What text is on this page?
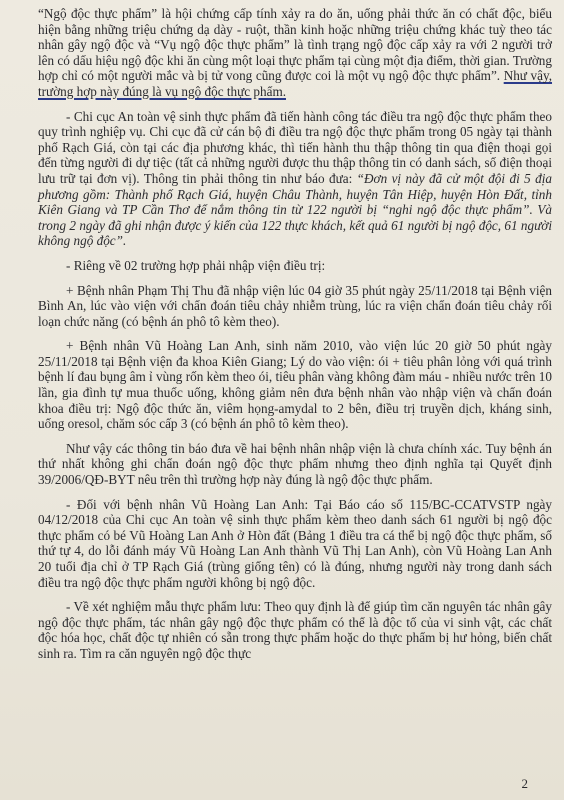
“Ngộ độc thực phẩm” là hội chứng cấp tính xảy ra do ăn, uống phải thức ăn có chất độc, biểu hiện bằng những triệu chứng dạ dày - ruột, thần kinh hoặc những triệu chứng khác tuỳ theo tác nhân gây ngộ độc và “Vụ ngộ độc thực phẩm” là tình trạng ngộ độc cấp xảy ra với 2 người trở lên có dấu hiệu ngộ độc khi ăn cùng một loại thực phẩm tại cùng một địa điểm, thời gian. Trường hợp chỉ có một người mắc và bị tử vong cũng được coi là một vụ ngộ độc thực phẩm”. Như vậy, trường hợp này đúng là vụ ngộ độc thực phẩm.

- Chi cục An toàn vệ sinh thực phẩm đã tiến hành công tác điều tra ngộ độc thực phẩm theo quy trình nghiệp vụ. Chi cục đã cử cán bộ đi điều tra ngộ độc thực phẩm trong 05 ngày tại thành phố Rạch Giá, còn tại các địa phương khác, thì tiến hành thu thập thông tin qua điện thoại gọi đến từng người đi dự tiệc (tất cả những người được thu thập thông tin có danh sách, số điện thoại lưu trữ tại đơn vị). Thông tin phải thông tin như báo đưa: “Đơn vị này đã cử một đội đi 5 địa phương gồm: Thành phố Rạch Giá, huyện Châu Thành, huyện Tân Hiệp, huyện Hòn Đất, tỉnh Kiên Giang và TP Cần Thơ để nắm thông tin từ 122 người bị “nghi ngộ độc thực phẩm”. Và trong 2 ngày đã ghi nhận được ý kiến của 122 thực khách, kết quả 61 người bị ngộ độc, 61 người không ngộ độc”.

- Riêng về 02 trường hợp phải nhập viện điều trị:

+ Bệnh nhân Phạm Thị Thu đã nhập viện lúc 04 giờ 35 phút ngày 25/11/2018 tại Bệnh viện Bình An, lúc vào viện với chẩn đoán tiêu chảy nhiễm trùng, lúc ra viện chẩn đoán tiêu chảy rối loạn chức năng (có bệnh án phô tô kèm theo).

+ Bệnh nhân Vũ Hoàng Lan Anh, sinh năm 2010, vào viện lúc 20 giờ 50 phút ngày 25/11/2018 tại Bệnh viện đa khoa Kiên Giang; Lý do vào viện: ói + tiêu phân lỏng với quá trình bệnh lí đau bụng âm ỉ vùng rốn kèm theo ói, tiêu phân vàng không đàm máu - nhiều nước trên 10 lần, gia đình tự mua thuốc uống, không giảm nên đưa bệnh nhân vào nhập viện và chẩn đoán khoa điều trị: Ngộ độc thức ăn, viêm họng-amydal to 2 bên, điều trị truyền dịch, kháng sinh, uống oresol, chăm sóc cấp 3 (có bệnh án phô tô kèm theo).

Như vậy các thông tin báo đưa về hai bệnh nhân nhập viện là chưa chính xác. Tuy bệnh án thứ nhất không ghi chẩn đoán ngộ độc thực phẩm nhưng theo định nghĩa tại Quyết định 39/2006/QĐ-BYT nêu trên thì trường hợp này đúng là ngộ độc thực phẩm.

- Đối với bệnh nhân Vũ Hoàng Lan Anh: Tại Báo cáo số 115/BC-CCATVSTP ngày 04/12/2018 của Chi cục An toàn vệ sinh thực phẩm kèm theo danh sách 61 người bị ngộ độc thực phẩm có bé Vũ Hoàng Lan Anh ở Hòn đất (Bảng 1 điều tra cá thể bị ngộ độc thực phẩm, số thứ tự 4, do lỗi đánh máy Vũ Hoàng Lan Anh thành Vũ Thị Lan Anh), còn Vũ Hoàng Lan Anh 20 tuổi địa chỉ ở TP Rạch Giá (trùng giống tên) có là đúng, nhưng người này trong danh sách điều tra ngộ độc thực phẩm người không bị ngộ độc.

- Về xét nghiệm mẫu thực phẩm lưu: Theo quy định là để giúp tìm căn nguyên tác nhân gây ngộ độc thực phẩm, tác nhân gây ngộ độc thực phẩm có thể là độc tố của vi sinh vật, các chất độc hóa học, chất độc tự nhiên có sẵn trong thực phẩm hoặc do thực phẩm bị hư hỏng, biến chất sinh ra. Tìm ra căn nguyên ngộ độc thực

2
